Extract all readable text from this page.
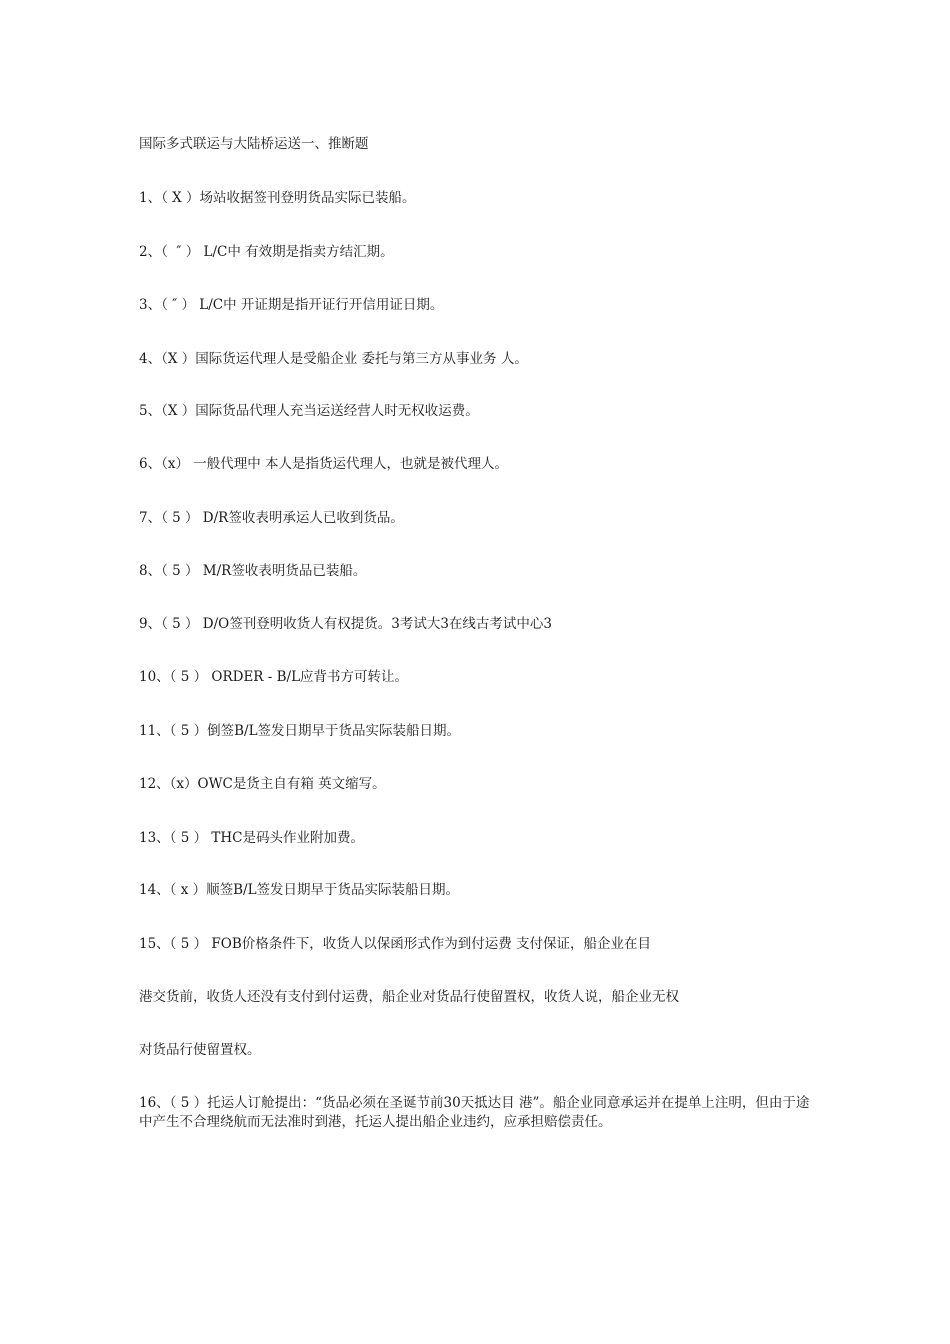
国际多式联运与大陆桥运送一、推断题
1、（ X ）场站收据签刊登明货品实际已装船。
2、（  ″ ） L/C中 有效期是指卖方结汇期。
3、（ ″ ） L/C中 开证期是指开证行开信用证日期。
4、（X ）国际货运代理人是受船企业 委托与第三方从事业务 人。
5、（X ）国际货品代理人充当运送经营人时无权收运费。
6、（x） 一般代理中 本人是指货运代理人，也就是被代理人。
7、（ 5 ） D/R签收表明承运人已收到货品。
8、（ 5 ） M/R签收表明货品已装船。
9、（ 5 ） D/O签刊登明收货人有权提货。3考试大3在线古考试中心3
10、（ 5 ） ORDER - B/L应背书方可转让。
11、（ 5 ）倒签B/L签发日期早于货品实际装船日期。
12、（x）OWC是货主自有箱 英文缩写。
13、（ 5 ） THC是码头作业附加费。
14、（ x ）顺签B/L签发日期早于货品实际装船日期。
15、（ 5 ） FOB价格条件下，收货人以保函形式作为到付运费 支付保证，船企业在目
港交货前，收货人还没有支付到付运费，船企业对货品行使留置权，收货人说，船企业无权
对货品行使留置权。
16、（ 5 ）托运人订舱提出：“货品必须在圣诞节前30天抵达目 港”。船企业同意承运并在提单上注明，但由于途中产生不合理绕航而无法准时到港，托运人提出船企业违约，应承担赔偿责任。
